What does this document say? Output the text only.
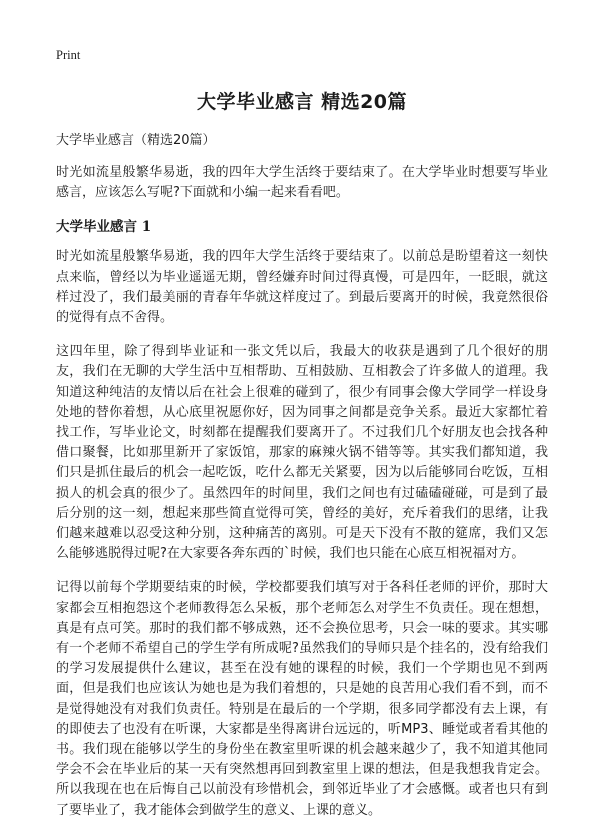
Print
大学毕业感言 精选20篇
大学毕业感言（精选20篇）

时光如流星般繁华易逝，我的四年大学生活终于要结束了。在大学毕业时想要写毕业感言，应该怎么写呢?下面就和小编一起来看看吧。

大学毕业感言 1

时光如流星般繁华易逝，我的四年大学生活终于要结束了。以前总是盼望着这一刻快点来临，曾经以为毕业遥遥无期，曾经嫌弃时间过得真慢，可是四年，一眨眼，就这样过没了，我们最美丽的青春年华就这样度过了。到最后要离开的时候，我竟然很俗的觉得有点不舍得。

这四年里，除了得到毕业证和一张文凭以后，我最大的收获是遇到了几个很好的朋友，我们在无聊的大学生活中互相帮助、互相鼓励、互相教会了许多做人的道理。我知道这种纯洁的友情以后在社会上很难的碰到了，很少有同事会像大学同学一样设身处地的替你着想，从心底里祝愿你好，因为同事之间都是竞争关系。最近大家都忙着找工作，写毕业论文，时刻都在提醒我们要离开了。不过我们几个好朋友也会找各种借口聚餐，比如那里新开了家饭馆，那家的麻辣火锅不错等等。其实我们都知道，我们只是抓住最后的机会一起吃饭，吃什么都无关紧要，因为以后能够同台吃饭，互相损人的机会真的很少了。虽然四年的时间里，我们之间也有过磕磕碰碰，可是到了最后分别的这一刻，想起来那些简直觉得可笑，曾经的美好，充斥着我们的思绪，让我们越来越难以忍受这种分别，这种痛苦的离别。可是天下没有不散的筵席，我们又怎么能够逃脱得过呢?在大家要各奔东西的`时候，我们也只能在心底互相祝福对方。

记得以前每个学期要结束的时候，学校都要我们填写对于各科任老师的评价，那时大家都会互相抱怨这个老师教得怎么呆板，那个老师怎么对学生不负责任。现在想想，真是有点可笑。那时的我们都不够成熟，还不会换位思考，只会一味的要求。其实哪有一个老师不希望自己的学生学有所成呢?虽然我们的导师只是个挂名的，没有给我们的学习发展提供什么建议，甚至在没有她的课程的时候，我们一个学期也见不到两面，但是我们也应该认为她也是为我们着想的，只是她的良苦用心我们看不到，而不是觉得她没有对我们负责任。特别是在最后的一个学期，很多同学都没有去上课，有的即使去了也没有在听课，大家都是坐得离讲台远远的，听MP3、睡觉或者看其他的书。我们现在能够以学生的身份坐在教室里听课的机会越来越少了，我不知道其他同学会不会在毕业后的某一天有突然想再回到教室里上课的想法，但是我想我肯定会。所以我现在也在后悔自己以前没有珍惜机会，到邻近毕业了才会感慨。或者也只有到了要毕业了，我才能体会到做学生的意义、上课的意义。
